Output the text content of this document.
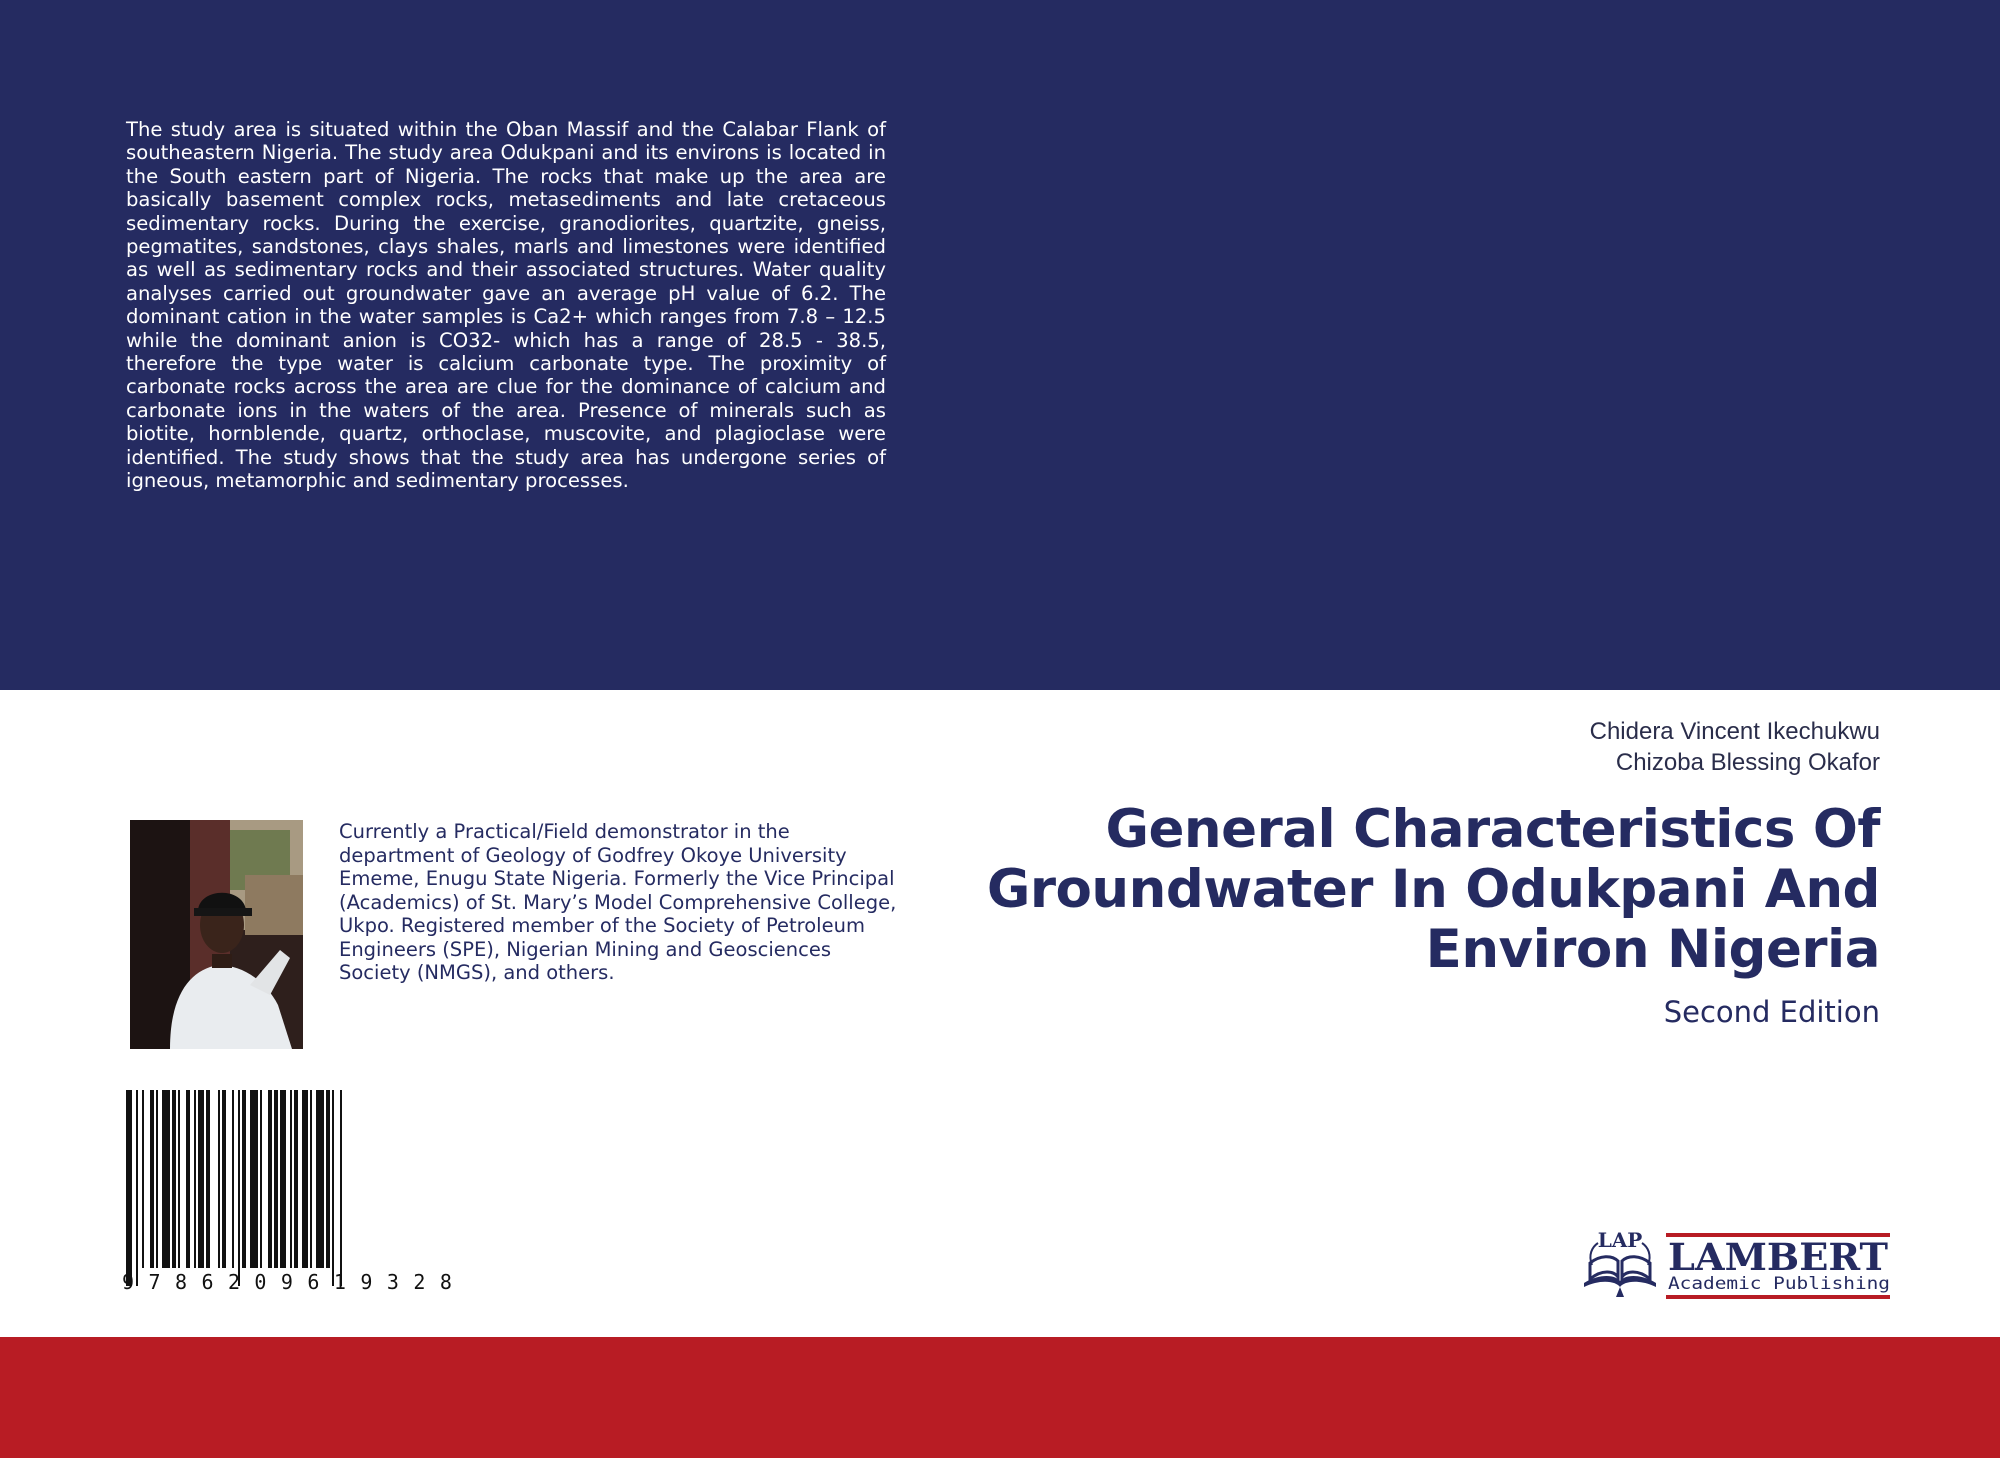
The study area is situated within the Oban Massif and the Calabar Flank of southeastern Nigeria. The study area Odukpani and its environs is located in the South eastern part of Nigeria. The rocks that make up the area are basically basement complex rocks, metasediments and late cretaceous sedimentary rocks. During the exercise, granodiorites, quartzite, gneiss, pegmatites, sandstones, clays shales, marls and limestones were identified as well as sedimentary rocks and their associated structures. Water quality analyses carried out groundwater gave an average pH value of 6.2. The dominant cation in the water samples is Ca2+ which ranges from 7.8 – 12.5 while the dominant anion is CO32- which has a range of 28.5 - 38.5, therefore the type water is calcium carbonate type. The proximity of carbonate rocks across the area are clue for the dominance of calcium and carbonate ions in the waters of the area. Presence of minerals such as biotite, hornblende, quartz, orthoclase, muscovite, and plagioclase were identified. The study shows that the study area has undergone series of igneous, metamorphic and sedimentary processes.

Chidera Vincent Ikechukwu
Chizoba Blessing Okafor
General Characteristics Of Groundwater In Odukpani And Environ Nigeria
Second Edition

Currently a Practical/Field demonstrator in the department of Geology of Godfrey Okoye University Ememe, Enugu State Nigeria. Formerly the Vice Principal (Academics) of St. Mary’s Model Comprehensive College, Ukpo. Registered member of the Society of Petroleum Engineers (SPE), Nigerian Mining and Geosciences Society (NMGS), and others.

9 7 8 6 2 0 9 6 1 9 3 2 8
LAP LAMBERT
Academic Publishing
